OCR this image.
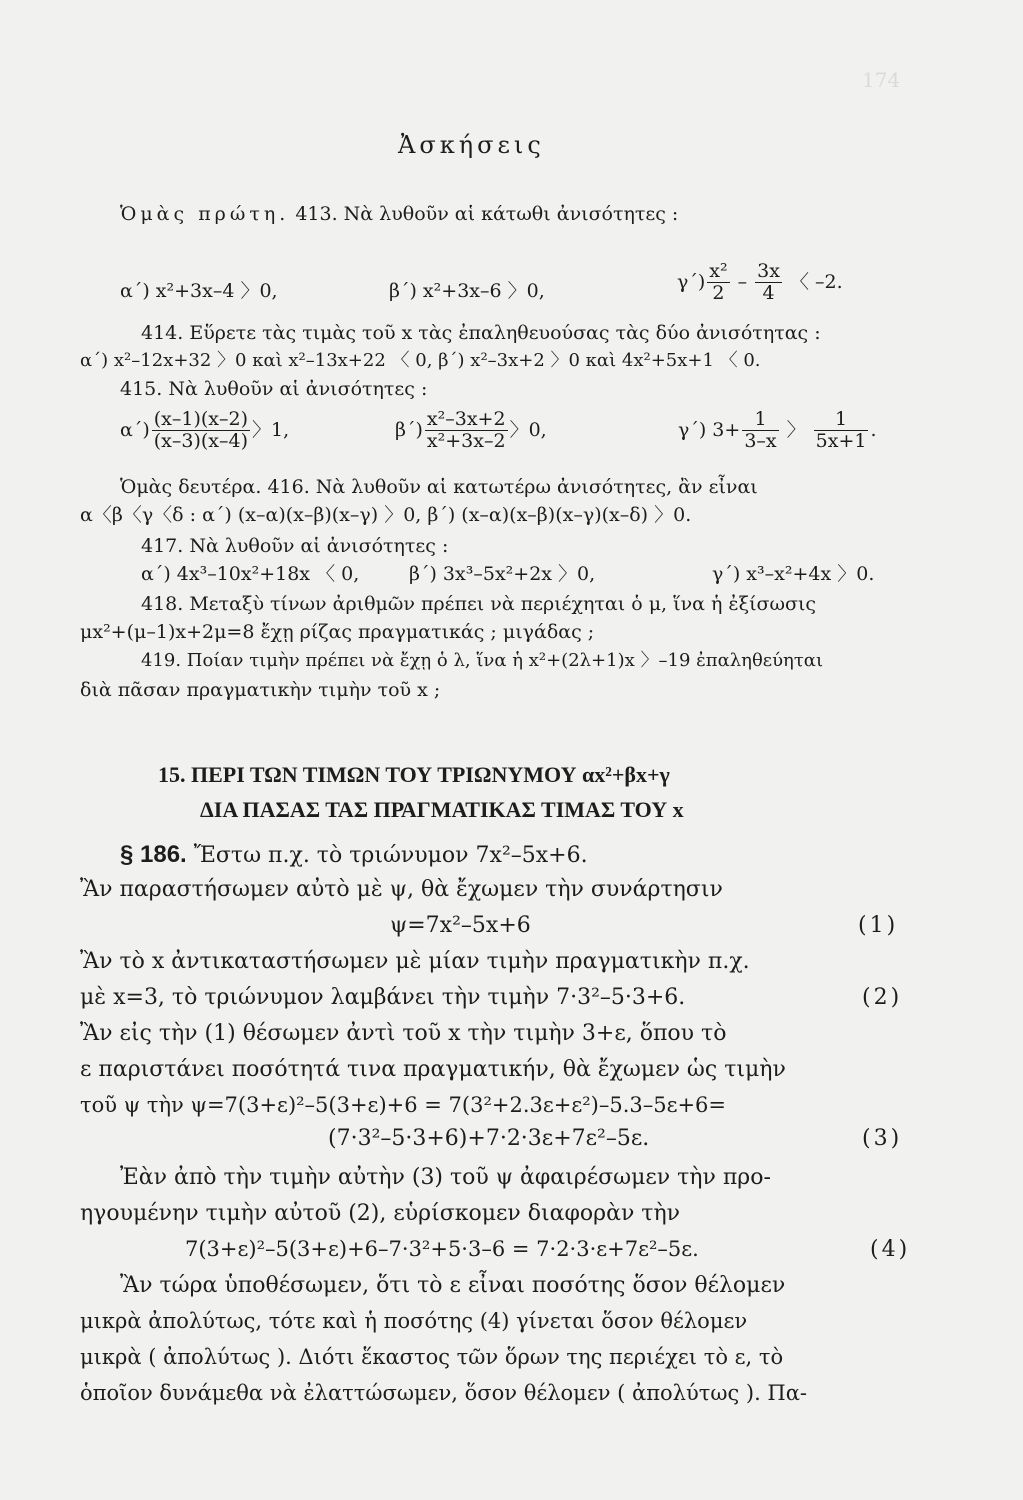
174
Ἀσκήσεις
Ὁμὰς πρώτη. 413. Νὰ λυθοῦν αἱ κάτωθι ἀνισότητες :
α΄) x²+3x–4 〉0,	β΄) x²+3x–6 〉0,	$\gamma΄) \frac{\text{x²}}{2} - \frac{3x}{4}$ 〈 –2.
414. Εὕρετε τὰς τιμὰς τοῦ x τὰς ἐπαληθευούσας τὰς δύο ἀνισότητας :
α΄) x²–12x+32 〉0 καὶ x²–13x+22 〈 0, β΄) x²–3x+2 〉0 καὶ 4x²+5x+1 〈 0.
415. Νὰ λυθοῦν αἱ ἀνισότητες :
$\alpha΄) \frac{(x-1)(x-2)}{(x-3)(x-4)}$ 〉1,	$\beta΄) \frac{\text{x²–3x+2}}{\text{x²+3x–2}}$ 〉0,	γ΄) $3+ \frac{1}{3-x}$ 〉 $\frac{1}{5x+1}$ .
Ὁμὰς δευτέρα. 416. Νὰ λυθοῦν αἱ κατωτέρω ἀνισότητες, ἂν εἶναι
α〈β〈γ〈δ : α΄) (x–α)(x–β)(x–γ) 〉0, β΄) (x–α)(x–β)(x–γ)(x–δ) 〉0.
417. Νὰ λυθοῦν αἱ ἀνισότητες :
α΄) 4x³–10x²+18x 〈 0,	β΄) 3x³–5x²+2x 〉0,	γ΄) x³–x²+4x 〉0.
418. Μεταξὺ τίνων ἀριθμῶν πρέπει νὰ περιέχηται ὁ μ, ἵνα ἡ ἐξίσωσις
μx²+(μ–1)x+2μ=8 ἔχῃ ρίζας πραγματικάς ; μιγάδας ;
419. Ποίαν τιμὴν πρέπει νὰ ἔχῃ ὁ λ, ἵνα ἡ x²+(2λ+1)x 〉–19 ἐπαληθεύηται
διὰ πᾶσαν πραγματικὴν τιμὴν τοῦ x ;
15. ΠΕΡΙ ΤΩΝ ΤΙΜΩΝ ΤΟΥ ΤΡΙΩΝΥΜΟΥ αx²+βx+γ
ΔΙΑ ΠΑΣΑΣ ΤΑΣ ΠΡΑΓΜΑΤΙΚΑΣ ΤΙΜΑΣ ΤΟΥ x
§ 186. Ἔστω π.χ. τὸ τριώνυμον 7x²–5x+6.
Ἂν παραστήσωμεν αὐτὸ μὲ ψ, θὰ ἔχωμεν τὴν συνάρτησιν
ψ=7x²–5x+6	(1)
Ἂν τὸ x ἀντικαταστήσωμεν μὲ μίαν τιμὴν πραγματικὴν π.χ.
μὲ x=3, τὸ τριώνυμον λαμβάνει τὴν τιμὴν 7·3²–5·3+6.	(2)
Ἂν εἰς τὴν (1) θέσωμεν ἀντὶ τοῦ x τὴν τιμὴν 3+ε, ὅπου τὸ
ε παριστάνει ποσότητά τινα πραγματικήν, θὰ ἔχωμεν ὡς τιμὴν
τοῦ ψ τὴν ψ=7(3+ε)²–5(3+ε)+6 = 7(3²+2.3ε+ε²)–5.3–5ε+6=
(7·3²–5·3+6)+7·2·3ε+7ε²–5ε.	(3)
Ἐὰν ἀπὸ τὴν τιμὴν αὐτὴν (3) τοῦ ψ ἀφαιρέσωμεν τὴν προ-
ηγουμένην τιμὴν αὐτοῦ (2), εὑρίσκομεν διαφορὰν τὴν
7(3+ε)²–5(3+ε)+6–7·3²+5·3–6 = 7·2·3·ε+7ε²–5ε.	(4)
Ἂν τώρα ὑποθέσωμεν, ὅτι τὸ ε εἶναι ποσότης ὅσον θέλομεν
μικρὰ ἀπολύτως, τότε καὶ ἡ ποσότης (4) γίνεται ὅσον θέλομεν
μικρὰ ( ἀπολύτως ). Διότι ἕκαστος τῶν ὅρων της περιέχει τὸ ε, τὸ
ὁποῖον δυνάμεθα νὰ ἐλαττώσωμεν, ὅσον θέλομεν ( ἀπολύτως ). Πα-
